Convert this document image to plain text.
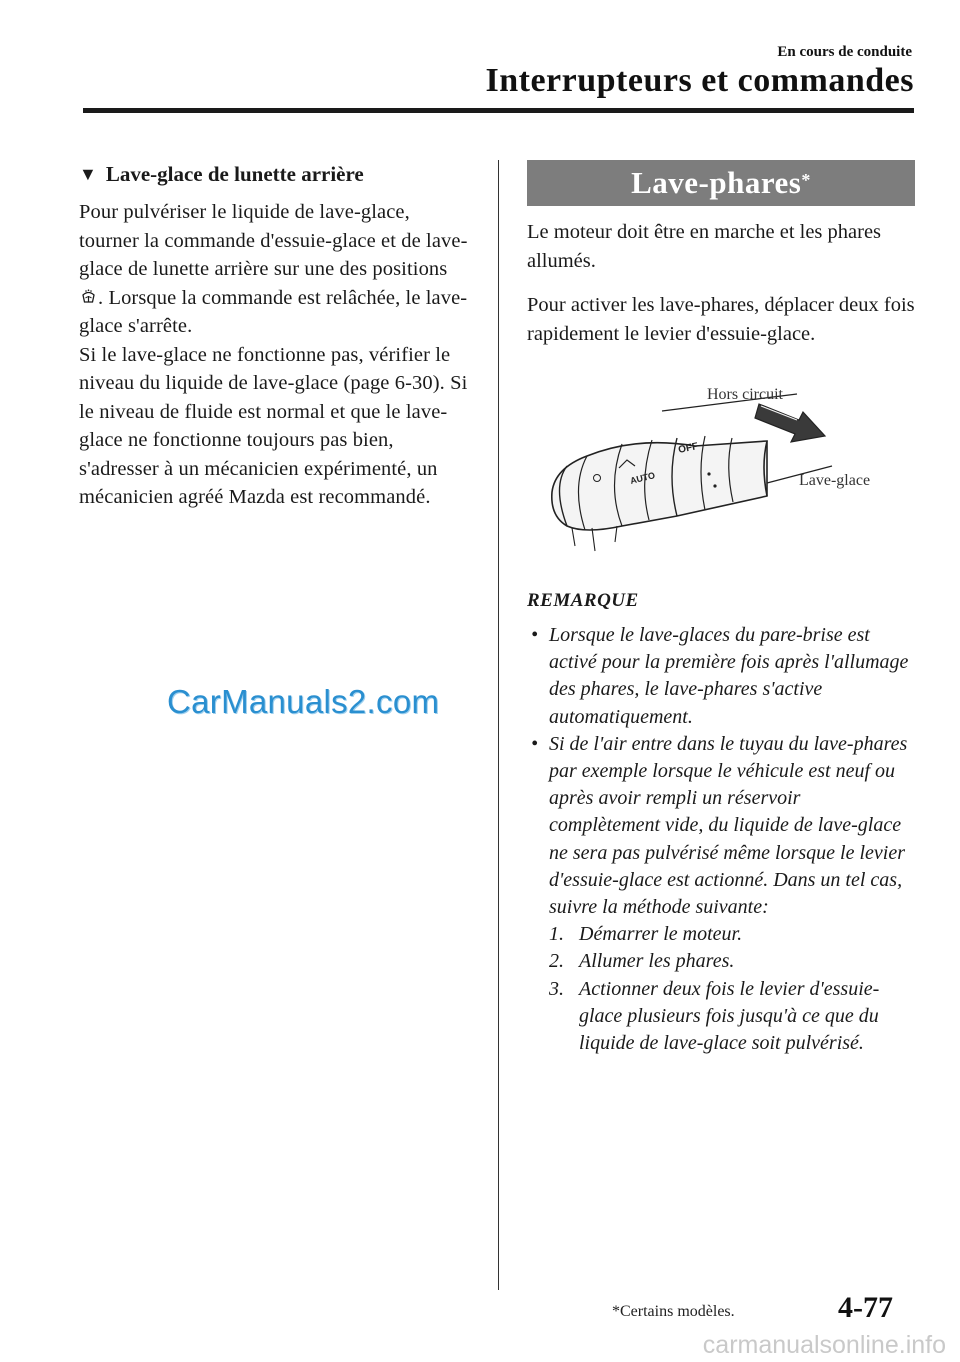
En cours de conduite
Interrupteurs et commandes
▼ Lave-glace de lunette arrière
Pour pulvériser le liquide de lave-glace, tourner la commande d'essuie-glace et de lave-glace de lunette arrière sur une des positions . Lorsque la commande est relâchée, le lave-glace s'arrête.
Si le lave-glace ne fonctionne pas, vérifier le niveau du liquide de lave-glace (page 6-30). Si le niveau de fluide est normal et que le lave-glace ne fonctionne toujours pas bien, s'adresser à un mécanicien expérimenté, un mécanicien agréé Mazda est recommandé.
CarManuals2.com
Lave-phares*

Le moteur doit être en marche et les phares allumés.

Pour activer les lave-phares, déplacer deux fois rapidement le levier d'essuie-glace.

OFF
AUTO
Hors circuit
Lave-glace
REMARQUE
• Lorsque le lave-glaces du pare-brise est activé pour la première fois après l'allumage des phares, le lave-phares s'active automatiquement.
• Si de l'air entre dans le tuyau du lave-phares par exemple lorsque le véhicule est neuf ou après avoir rempli un réservoir complètement vide, du liquide de lave-glace ne sera pas pulvérisé même lorsque le levier d'essuie-glace est actionné. Dans un tel cas, suivre la méthode suivante:
1. Démarrer le moteur.
2. Allumer les phares.
3. Actionner deux fois le levier d'essuie-glace plusieurs fois jusqu'à ce que du liquide de lave-glace soit pulvérisé.
*Certains modèles.	4-77
carmanualsonline.info
